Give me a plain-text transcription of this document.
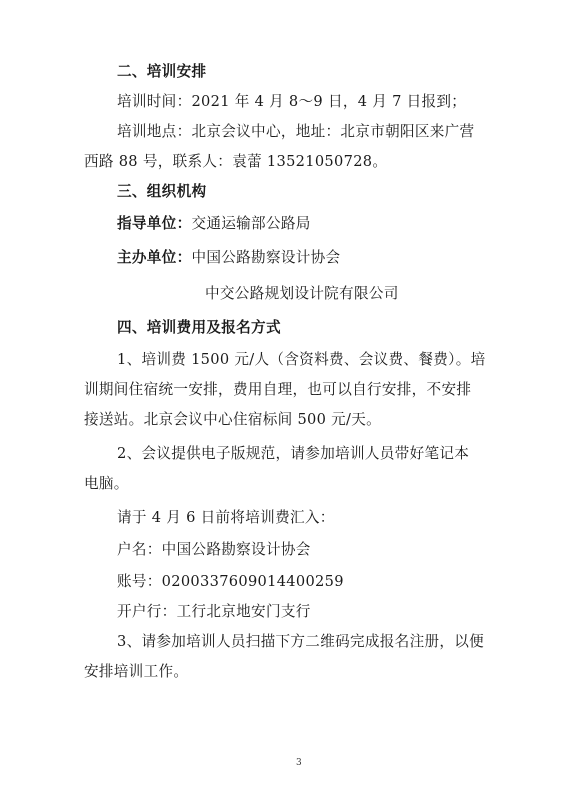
二、培训安排
培训时间：2021 年 4 月 8～9 日，4 月 7 日报到；
培训地点：北京会议中心，地址：北京市朝阳区来广营
西路 88 号，联系人：袁蕾 13521050728。
三、组织机构
指导单位：交通运输部公路局
主办单位：中国公路勘察设计协会
中交公路规划设计院有限公司
四、培训费用及报名方式
1、培训费 1500 元/人（含资料费、会议费、餐费）。培
训期间住宿统一安排，费用自理，也可以自行安排，不安排
接送站。北京会议中心住宿标间 500 元/天。
2、会议提供电子版规范，请参加培训人员带好笔记本
电脑。
请于 4 月 6 日前将培训费汇入：
户名：中国公路勘察设计协会
账号：0200337609014400259
开户行：工行北京地安门支行
3、请参加培训人员扫描下方二维码完成报名注册，以便
安排培训工作。
3
